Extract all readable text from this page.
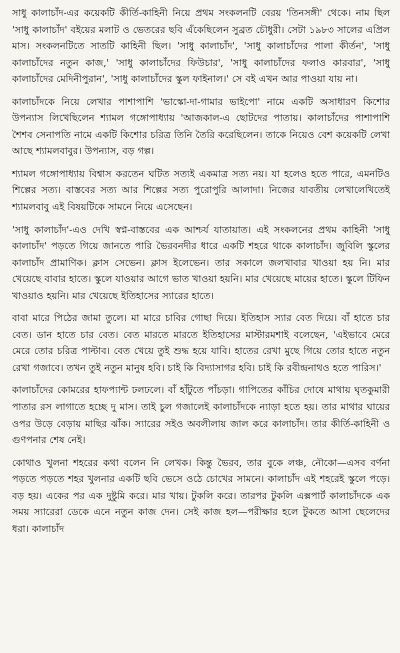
সাধু কালাচাঁদ-এর কয়েকটি কীর্তি-কাহিনী নিয়ে প্রথম সংকলনটি বেরয় 'তিনসঙ্গী' থেকে। নাম ছিল 'সাধু কালাচাঁদ' বইয়ের মলাট ও ভেতরের ছবি এঁকেছিলেন সুব্রত চৌধুরী। সেটা ১৯৮৩ সালের এপ্রিল মাস। সংকলনটিতে সাতটি কাহিনী ছিল। 'সাধু কালাচাঁদ', 'সাধু কালাচাঁদের পালা কীর্তন', 'সাধু কালাচাঁদের নতুন কাজ,' 'সাধু কালাচাঁদের ফিউচার', 'সাধু কালাচাঁদের ফলাও কারবার', 'সাধু কালাচাঁদের মেদিনীপুরান', 'সাধু কালাচাঁদের স্কুল ফাইনাল।' সে বই এখন আর পাওয়া যায় না।

কালাচাঁদকে নিয়ে লেখার পাশাপাশি 'ভাস্কো-দা-গামার ভাইপো' নামে একটি অসাধারণ কিশোর উপন্যাস লিখেছিলেন শ্যামল গঙ্গোপাধ্যায় 'আজকাল-এ ছোটদের পাতায়। কালাচাঁদের পাশাপাশি শৈশব সেনাপতি নামে একটি কিশোর চরিত্র তিনি তৈরি করেছিলেন। তাকে নিয়েও বেশ কয়েকটি লেখা আছে শ্যামলবাবুর। উপন্যাস, বড় গল্প।

শ্যামল গঙ্গোপাধ্যায় বিশ্বাস করতেন ঘটিত সত্যই একমাত্র সত্য নয়। যা হলেও হতে পারে, এমনটিও শিল্পের সত্য। বাস্তবের সত্য আর শিল্পের সত্য পুরোপুরি আলাদা। নিজের যাবতীয় লেখালেখিতেই শ্যামলবাবু এই বিষয়টিকে সামনে নিয়ে এসেছেন।

'সাধু কালাচাঁদ'-এও দেখি স্বপ্ন-বাস্তবের এক আশ্চর্য যাতায়াত। এই সংকলনের প্রথম কাহিনী 'সাধু কালাচাঁদ' পড়তে গিয়ে জানতে পারি ভৈরবনদীর ধারে একটি শহরে থাকে কালাচাঁদ। জুবিলি স্কুলের কালাচাঁদ প্রামাণিক। ক্লাস সেভেন। ক্লাস ইলেভেন। তার সকালে জলখাবার খাওয়া হয় নি। মার খেয়েছে বাবার হাতে। স্কুলে যাওয়ার আগে ভাত খাওয়া হয়নি। মার খেয়েছে মায়ের হাতে। স্কুলে টিফিন খাওয়াও হয়নি। মার খেয়েছে ইতিহাসের স্যারের হাতে।

বাবা মারে পিঠের জামা তুলে। মা মারে চাবির গোছা দিয়ে। ইতিহাস স্যার বেত দিয়ে। বাঁ হাতে চার বেত। ডান হাতে চার বেত। বেত মারতে মারতে ইতিহাসের মাস্টারমশাই বলেছেন, 'এইভাবে মেরে মেরে তোর চরিত্র পাল্টাব। বেত খেয়ে তুই শুদ্ধ হয়ে যাবি। হাতের রেখা মুছে গিয়ে তোর হাতে নতুন রেখা গজাবে। তখন তুই নতুন মানুষ হবি। চাই কি বিদ্যাসাগর হবি। চাই কি রবীন্দ্রনাথও হতে পারিস।'

কালাচাঁদের কোমরের হাফপ্যান্ট ঢলঢলে। বাঁ হাঁটুতে পাঁচড়া। গাপিতের কাঁচির দোষে মাথায় ঘৃতকুমারী পাতার রস লাগাতে হচ্ছে দু মাস। তাই চুল গজালেই কালাচাঁদকে ন্যাড়া হতে হয়। তার মাথার ঘায়ের ওপর উড়ে বেড়ায় মাছির ঝাঁক। স্যারের সইও অবলীলায় জাল করে কালাচাঁদ। তার কীর্তি-কাহিনী ও গুণপনার শেষ নেই।

কোথাও খুলনা শহরের কথা বলেন নি লেখক। কিন্তু ভৈরব, তার বুকে লঞ্চ, নৌকো—এসব বর্ণনা পড়তে পড়তে শহর খুলনার একটি ছবি ভেসে ওঠে চোখের সামনে। কালাচাঁদ এই শহরেই স্কুলে পড়ে। বড় হয়। একের পর এক দুষ্টুমি করে। মার খায়। টুকলি করে। তারপর টুকলি এক্সপার্ট কালাচাঁদকে এক সময় স্যারেরা ডেকে এনে নতুন কাজ দেন। সেই কাজ হল—পরীক্ষার হলে টুকতে আসা ছেলেদের ধরা। কালাচাঁদ
